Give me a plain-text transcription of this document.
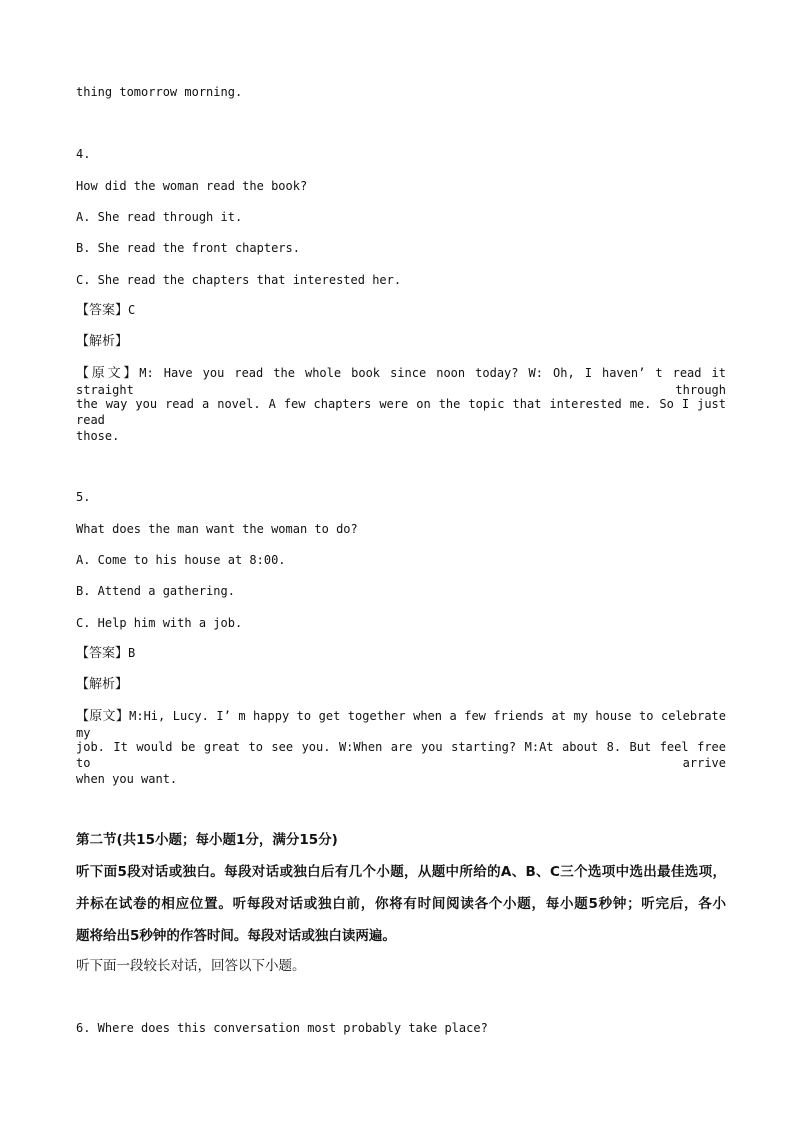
thing tomorrow morning.
4.
How did the woman read the book?
A. She read through it.
B. She read the front chapters.
C. She read the chapters that interested her.
【答案】C
【解析】
【原文】M: Have you read the whole book since noon today? W: Oh, I haven’ t read it straight through
the way you read a novel. A few chapters were on the topic that interested me. So I just read
those.
5.
What does the man want the woman to do?
A. Come to his house at 8:00.
B. Attend a gathering.
C. Help him with a job.
【答案】B
【解析】
【原文】M:Hi, Lucy. I’ m happy to get together when a few friends at my house to celebrate my
job. It would be great to see you. W:When are you starting? M:At about 8. But feel free to arrive
when you want.
第二节(共15小题；每小题1分，满分15分)
听下面5段对话或独白。每段对话或独白后有几个小题，从题中所给的A、B、C三个选项中选出最佳选项，
并标在试卷的相应位置。听每段对话或独白前，你将有时间阅读各个小题，每小题5秒钟；听完后，各小
题将给出5秒钟的作答时间。每段对话或独白读两遍。
听下面一段较长对话，回答以下小题。
6. Where does this conversation most probably take place?
